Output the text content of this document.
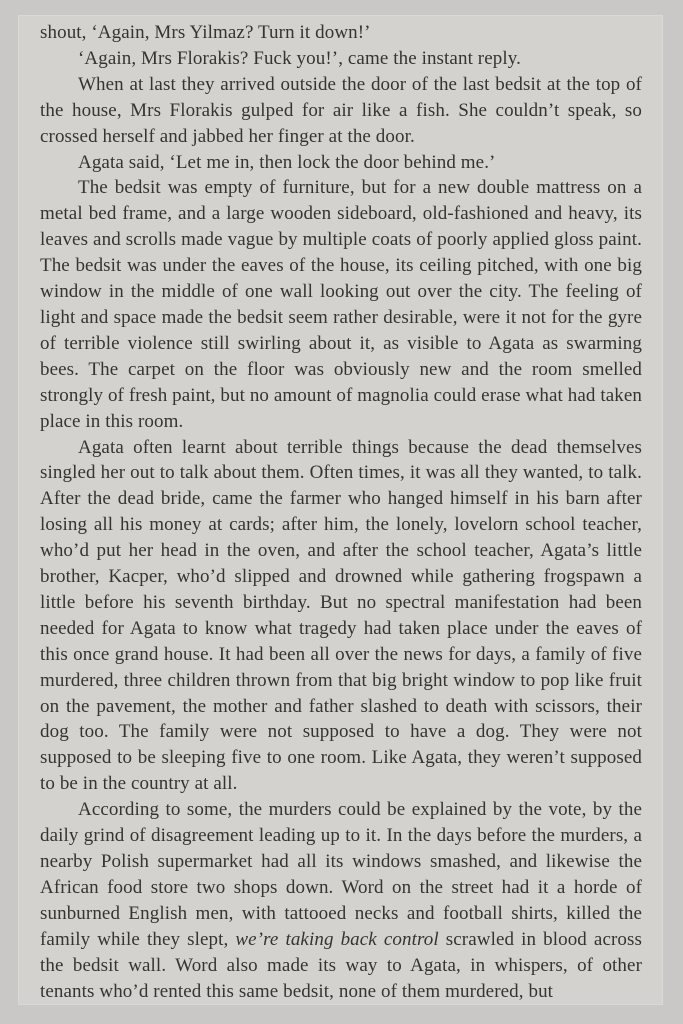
shout, ‘Again, Mrs Yilmaz? Turn it down!’

‘Again, Mrs Florakis? Fuck you!’, came the instant reply.

When at last they arrived outside the door of the last bedsit at the top of the house, Mrs Florakis gulped for air like a fish. She couldn’t speak, so crossed herself and jabbed her finger at the door.

Agata said, ‘Let me in, then lock the door behind me.’

The bedsit was empty of furniture, but for a new double mattress on a metal bed frame, and a large wooden sideboard, old-fashioned and heavy, its leaves and scrolls made vague by multiple coats of poorly applied gloss paint. The bedsit was under the eaves of the house, its ceiling pitched, with one big window in the middle of one wall looking out over the city. The feeling of light and space made the bedsit seem rather desirable, were it not for the gyre of terrible violence still swirling about it, as visible to Agata as swarming bees. The carpet on the floor was obviously new and the room smelled strongly of fresh paint, but no amount of magnolia could erase what had taken place in this room.

Agata often learnt about terrible things because the dead themselves singled her out to talk about them. Often times, it was all they wanted, to talk. After the dead bride, came the farmer who hanged himself in his barn after losing all his money at cards; after him, the lonely, lovelorn school teacher, who’d put her head in the oven, and after the school teacher, Agata’s little brother, Kacper, who’d slipped and drowned while gathering frogspawn a little before his seventh birthday. But no spectral manifestation had been needed for Agata to know what tragedy had taken place under the eaves of this once grand house. It had been all over the news for days, a family of five murdered, three children thrown from that big bright window to pop like fruit on the pavement, the mother and father slashed to death with scissors, their dog too. The family were not supposed to have a dog. They were not supposed to be sleeping five to one room. Like Agata, they weren’t supposed to be in the country at all.

According to some, the murders could be explained by the vote, by the daily grind of disagreement leading up to it. In the days before the murders, a nearby Polish supermarket had all its windows smashed, and likewise the African food store two shops down. Word on the street had it a horde of sunburned English men, with tattooed necks and football shirts, killed the family while they slept, we’re taking back control scrawled in blood across the bedsit wall. Word also made its way to Agata, in whispers, of other tenants who’d rented this same bedsit, none of them murdered, but
